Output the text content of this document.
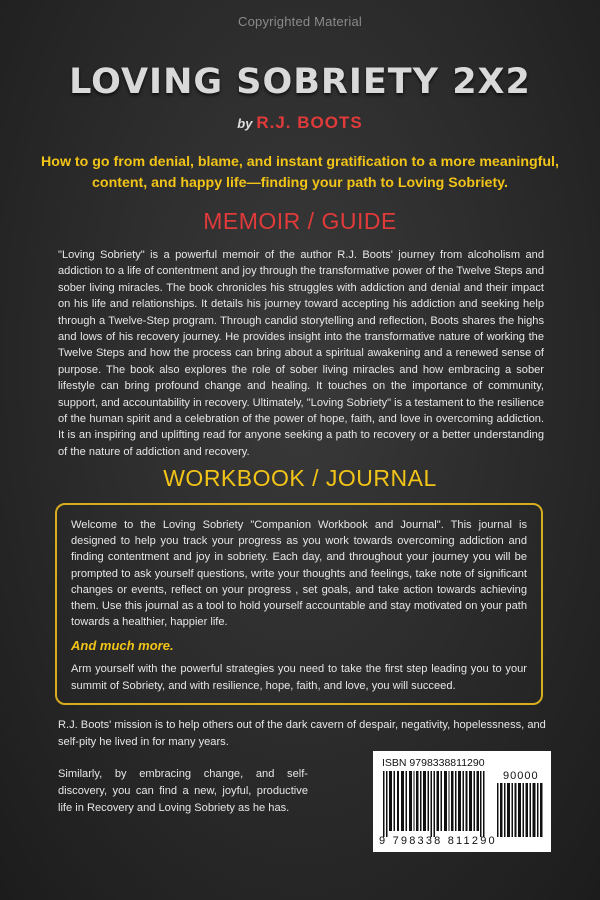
Copyrighted Material
LOVING SOBRIETY 2X2
by R.J. BOOTS
How to go from denial, blame, and instant gratification to a more meaningful, content, and happy life—finding your path to Loving Sobriety.
MEMOIR / GUIDE

"Loving Sobriety" is a powerful memoir of the author R.J. Boots' journey from alcoholism and addiction to a life of contentment and joy through the transformative power of the Twelve Steps and sober living miracles. The book chronicles his struggles with addiction and denial and their impact on his life and relationships. It details his journey toward accepting his addiction and seeking help through a Twelve-Step program. Through candid storytelling and reflection, Boots shares the highs and lows of his recovery journey. He provides insight into the transformative nature of working the Twelve Steps and how the process can bring about a spiritual awakening and a renewed sense of purpose. The book also explores the role of sober living miracles and how embracing a sober lifestyle can bring profound change and healing. It touches on the importance of community, support, and accountability in recovery. Ultimately, "Loving Sobriety" is a testament to the resilience of the human spirit and a celebration of the power of hope, faith, and love in overcoming addiction. It is an inspiring and uplifting read for anyone seeking a path to recovery or a better understanding of the nature of addiction and recovery.

WORKBOOK / JOURNAL

Welcome to the Loving Sobriety "Companion Workbook and Journal". This journal is designed to help you track your progress as you work towards overcoming addiction and finding contentment and joy in sobriety. Each day, and throughout your journey you will be prompted to ask yourself questions, write your thoughts and feelings, take note of significant changes or events, reflect on your progress , set goals, and take action towards achieving them. Use this journal as a tool to hold yourself accountable and stay motivated on your path towards a healthier, happier life.

And much more.

Arm yourself with the powerful strategies you need to take the first step leading you to your summit of Sobriety, and with resilience, hope, faith, and love, you will succeed.

R.J. Boots' mission is to help others out of the dark cavern of despair, negativity, hopelessness, and self-pity he lived in for many years.

Similarly, by embracing change, and self-discovery, you can find a new, joyful, productive life in Recovery and Loving Sobriety as he has.

ISBN 9798338811290
90000
9 798338 811290
